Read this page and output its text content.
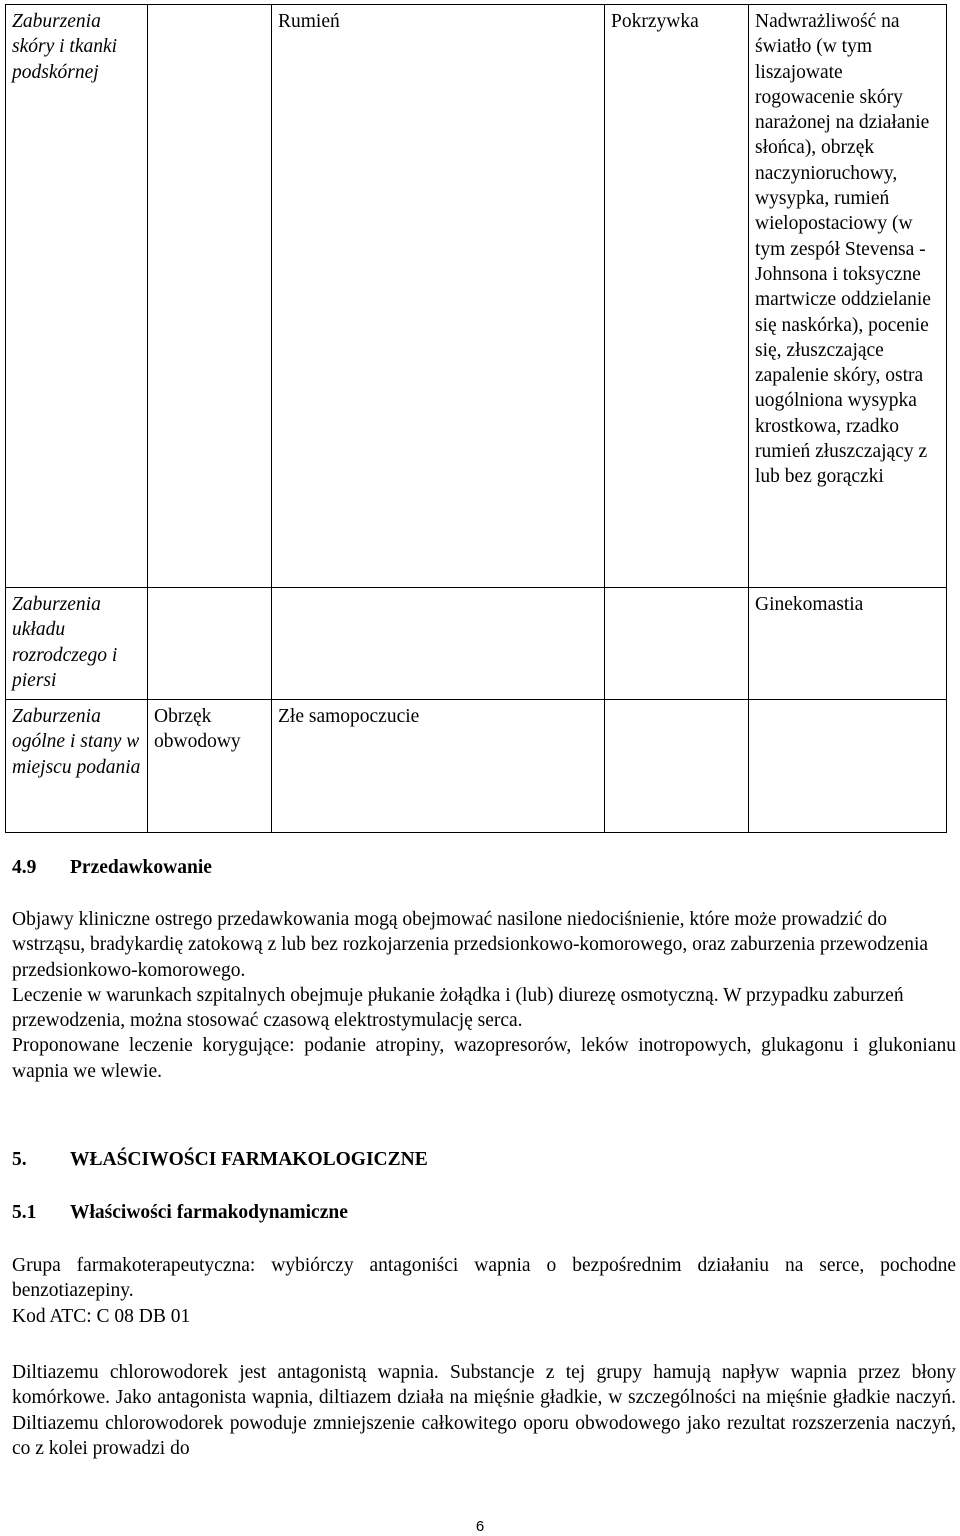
Zaburzenia skóry i tkanki podskórnej		Rumień	Pokrzywka	Nadwrażliwość na światło (w tym liszajowate rogowacenie skóry narażonej na działanie słońca), obrzęk naczynioruchowy, wysypka, rumień wielopostaciowy (w tym zespół Stevensa -Johnsona i toksyczne martwicze oddzielanie się naskórka), pocenie się, złuszczające zapalenie skóry, ostra uogólniona wysypka krostkowa, rzadko rumień złuszczający z lub bez gorączki
Zaburzenia układu rozrodczego i piersi				Ginekomastia
Zaburzenia ogólne i stany w miejscu podania	Obrzęk obwodowy	Złe samopoczucie		
4.9 Przedawkowanie

Objawy kliniczne ostrego przedawkowania mogą obejmować nasilone niedociśnienie, które może prowadzić do wstrząsu, bradykardię zatokową z lub bez rozkojarzenia przedsionkowo-komorowego, oraz zaburzenia przewodzenia przedsionkowo-komorowego.

Leczenie w warunkach szpitalnych obejmuje płukanie żołądka i (lub) diurezę osmotyczną. W przypadku zaburzeń przewodzenia, można stosować czasową elektrostymulację serca.

Proponowane leczenie korygujące: podanie atropiny, wazopresorów, leków inotropowych, glukagonu i glukonianu wapnia we wlewie.

5. WŁAŚCIWOŚCI FARMAKOLOGICZNE
5.1 Właściwości farmakodynamiczne

Grupa farmakoterapeutyczna: wybiórczy antagoniści wapnia o bezpośrednim działaniu na serce, pochodne benzotiazepiny.

Kod ATC: C 08 DB 01

Diltiazemu chlorowodorek jest antagonistą wapnia. Substancje z tej grupy hamują napływ wapnia przez błony komórkowe. Jako antagonista wapnia, diltiazem działa na mięśnie gładkie, w szczególności na mięśnie gładkie naczyń. Diltiazemu chlorowodorek powoduje zmniejszenie całkowitego oporu obwodowego jako rezultat rozszerzenia naczyń, co z kolei prowadzi do

6
